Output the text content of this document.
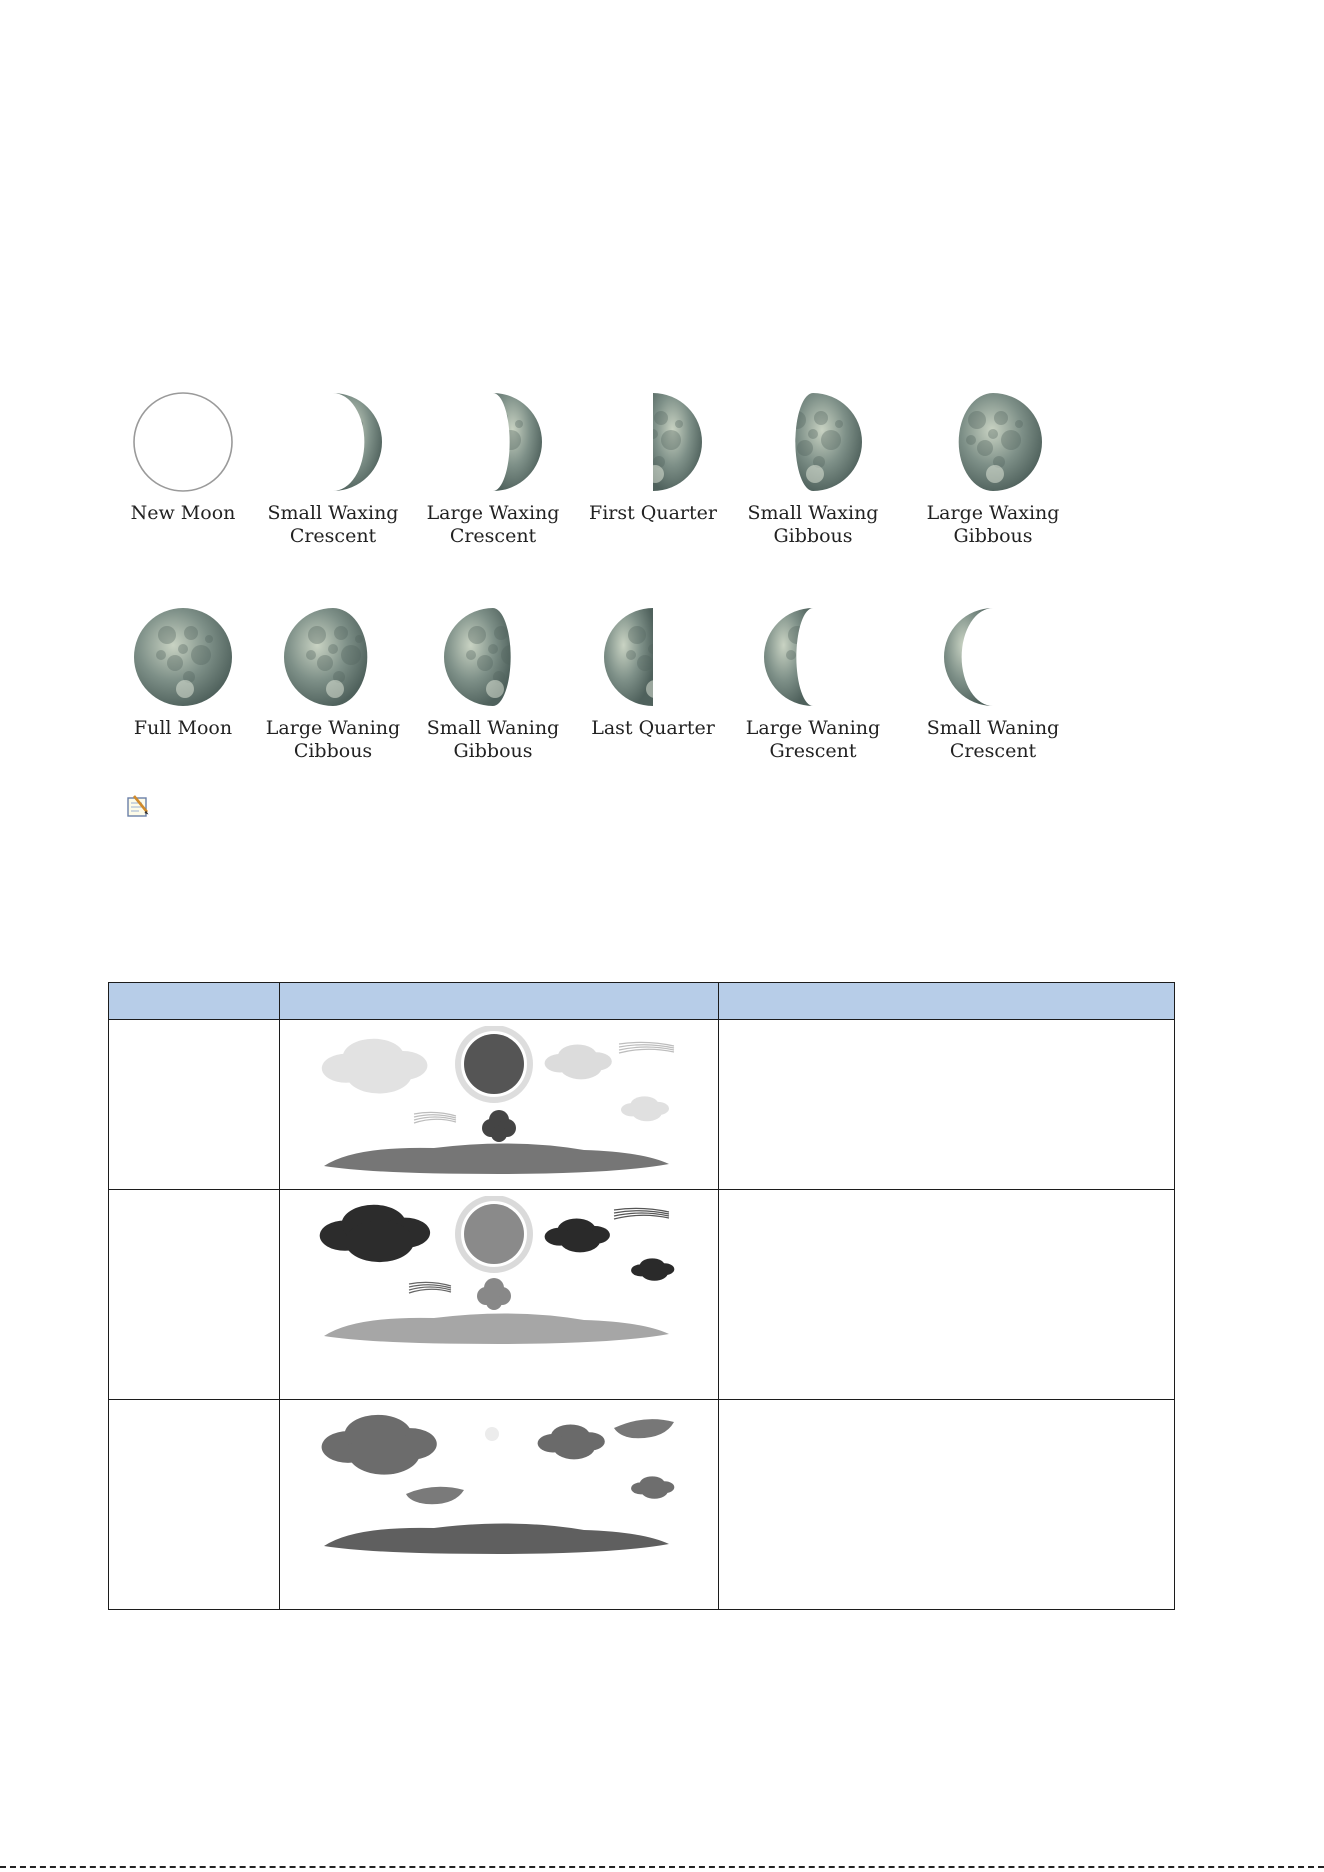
New Moon	Small Waxing
Crescent
Large Waxing
Crescent
First Quarter	Small Waxing
Gibbous
Large Waxing
Gibbous
Full Moon	Large Waning
Cibbous
Small Waning
Gibbous
Last Quarter	Large Waning
Grescent
Small Waning
Crescent
